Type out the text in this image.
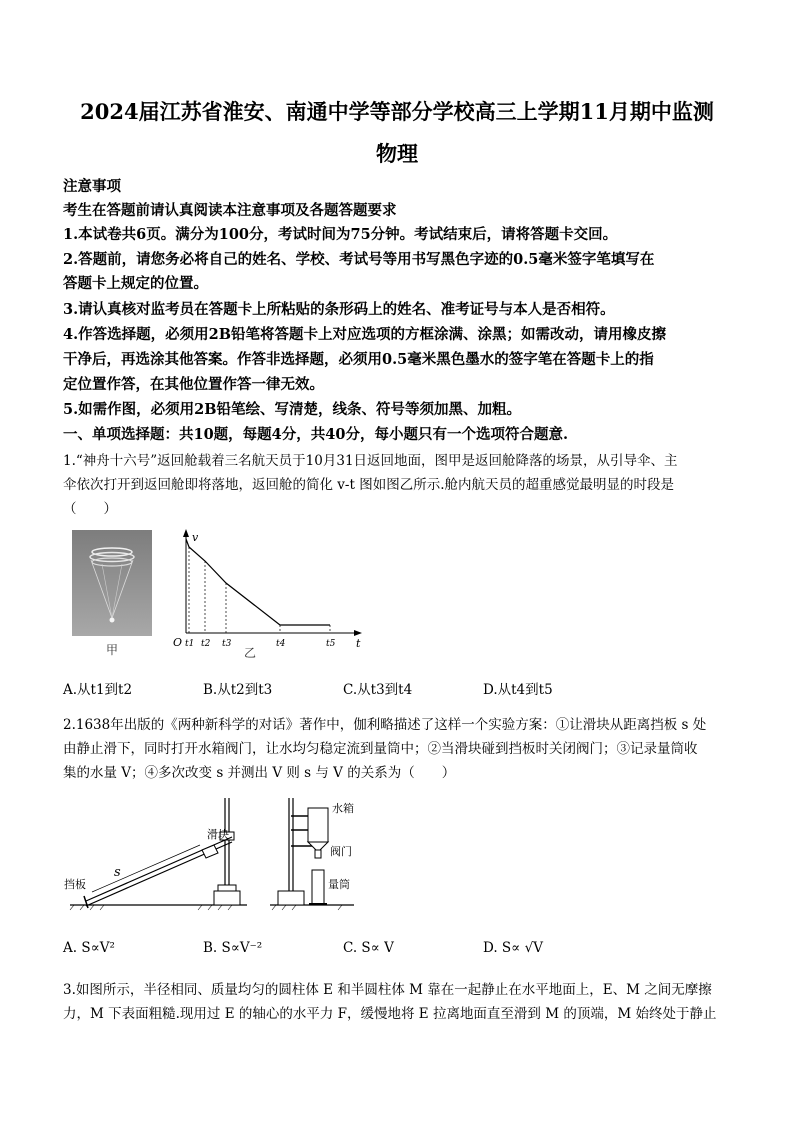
2024届江苏省淮安、南通中学等部分学校高三上学期11月期中监测
物理
注意事项
考生在答题前请认真阅读本注意事项及各题答题要求
1.本试卷共6页。满分为100分，考试时间为75分钟。考试结束后，请将答题卡交回。
2.答题前，请您务必将自己的姓名、学校、考试号等用书写黑色字迹的0.5毫米签字笔填写在
答题卡上规定的位置。
3.请认真核对监考员在答题卡上所粘贴的条形码上的姓名、准考证号与本人是否相符。
4.作答选择题，必须用2B铅笔将答题卡上对应选项的方框涂满、涂黑；如需改动，请用橡皮擦
干净后，再选涂其他答案。作答非选择题，必须用0.5毫米黑色墨水的签字笔在答题卡上的指
定位置作答，在其他位置作答一律无效。
5.如需作图，必须用2B铅笔绘、写清楚，线条、符号等须加黑、加粗。
一、单项选择题：共10题，每题4分，共40分，每小题只有一个选项符合题意.
1.“神舟十六号”返回舱载着三名航天员于10月31日返回地面，图甲是返回舱降落的场景，从引导伞、主
伞依次打开到返回舱即将落地，返回舱的简化 v-t 图如图乙所示.舱内航天员的超重感觉最明显的时段是
（　　）
甲
v
O	t
t1 t2 t3	t4	t5
乙
A.从t1到t2	B.从t2到t3	C.从t3到t4	D.从t4到t5
2.1638年出版的《两种新科学的对话》著作中，伽利略描述了这样一个实验方案：①让滑块从距离挡板 s 处
由静止滑下，同时打开水箱阀门，让水均匀稳定流到量筒中；②当滑块碰到挡板时关闭阀门；③记录量筒收
集的水量 V；④多次改变 s 并测出 V 则 s 与 V 的关系为（　　）
s
滑块
挡板
水箱
阀门
量筒
A. S∝V²	B. S∝V⁻²	C. S∝ V	D. S∝ √V
3.如图所示，半径相同、质量均匀的圆柱体 E 和半圆柱体 M 靠在一起静止在水平地面上，E、M 之间无摩擦
力，M 下表面粗糙.现用过 E 的轴心的水平力 F，缓慢地将 E 拉离地面直至滑到 M 的顶端，M 始终处于静止
